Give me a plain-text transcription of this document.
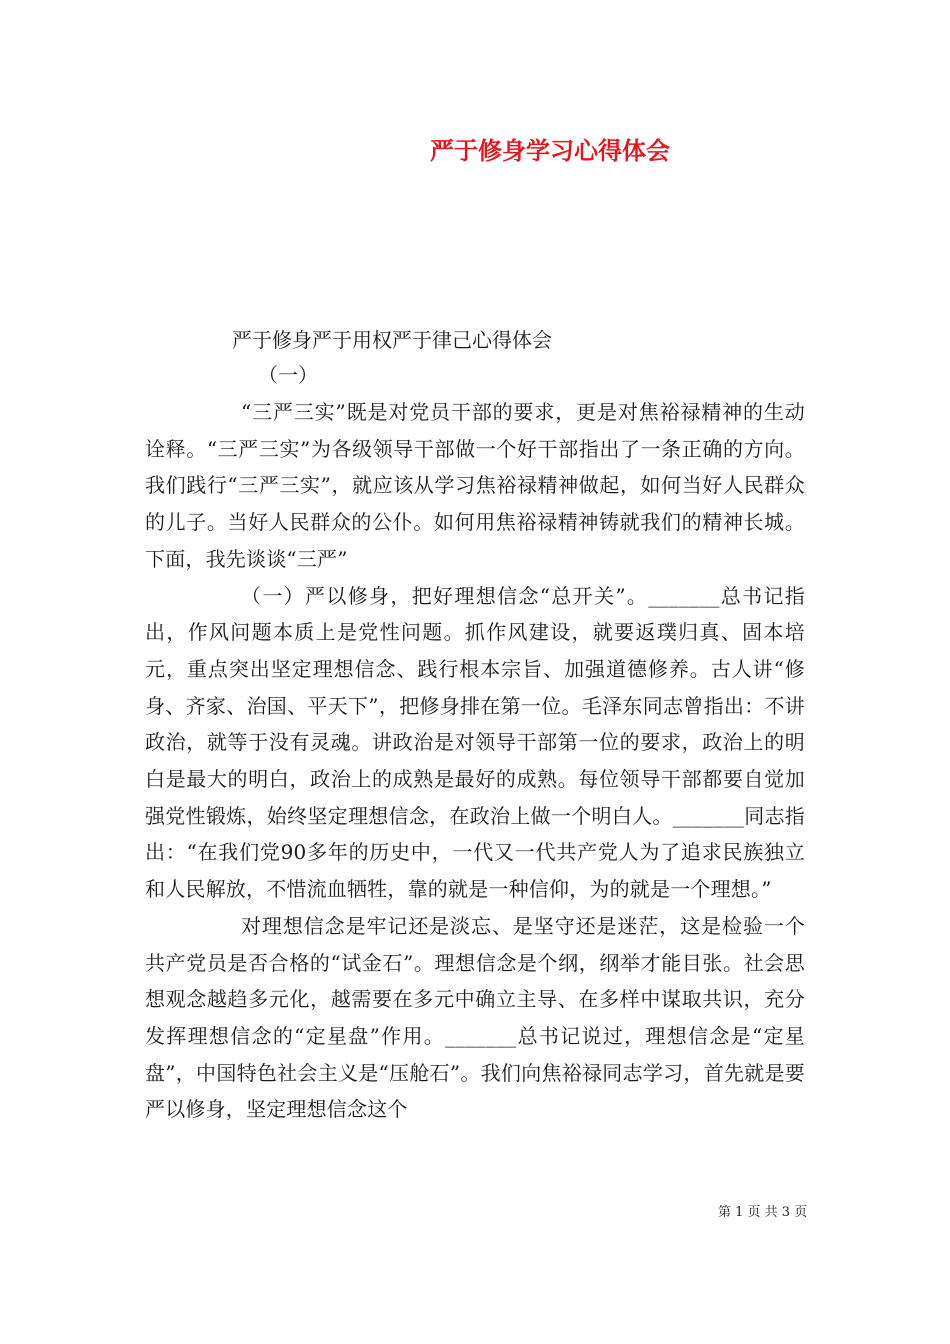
严于修身学习心得体会
严于修身严于用权严于律己心得体会
（一）

“三严三实”既是对党员干部的要求，更是对焦裕禄精神的生动诠释。“三严三实”为各级领导干部做一个好干部指出了一条正确的方向。我们践行“三严三实”，就应该从学习焦裕禄精神做起，如何当好人民群众的儿子。当好人民群众的公仆。如何用焦裕禄精神铸就我们的精神长城。下面，我先谈谈“三严”

（一）严以修身，把好理想信念“总开关”。_______总书记指出，作风问题本质上是党性问题。抓作风建设，就要返璞归真、固本培元，重点突出坚定理想信念、践行根本宗旨、加强道德修养。古人讲“修身、齐家、治国、平天下”，把修身排在第一位。毛泽东同志曾指出：不讲政治，就等于没有灵魂。讲政治是对领导干部第一位的要求，政治上的明白是最大的明白，政治上的成熟是最好的成熟。每位领导干部都要自觉加强党性锻炼，始终坚定理想信念，在政治上做一个明白人。_______同志指出：“在我们党90多年的历史中，一代又一代共产党人为了追求民族独立和人民解放，不惜流血牺牲，靠的就是一种信仰，为的就是一个理想。”

对理想信念是牢记还是淡忘、是坚守还是迷茫，这是检验一个共产党员是否合格的“试金石”。理想信念是个纲，纲举才能目张。社会思想观念越趋多元化，越需要在多元中确立主导、在多样中谋取共识，充分发挥理想信念的“定星盘”作用。_______总书记说过，理想信念是“定星盘”，中国特色社会主义是“压舱石”。我们向焦裕禄同志学习，首先就是要严以修身，坚定理想信念这个

第 1 页 共 3 页
